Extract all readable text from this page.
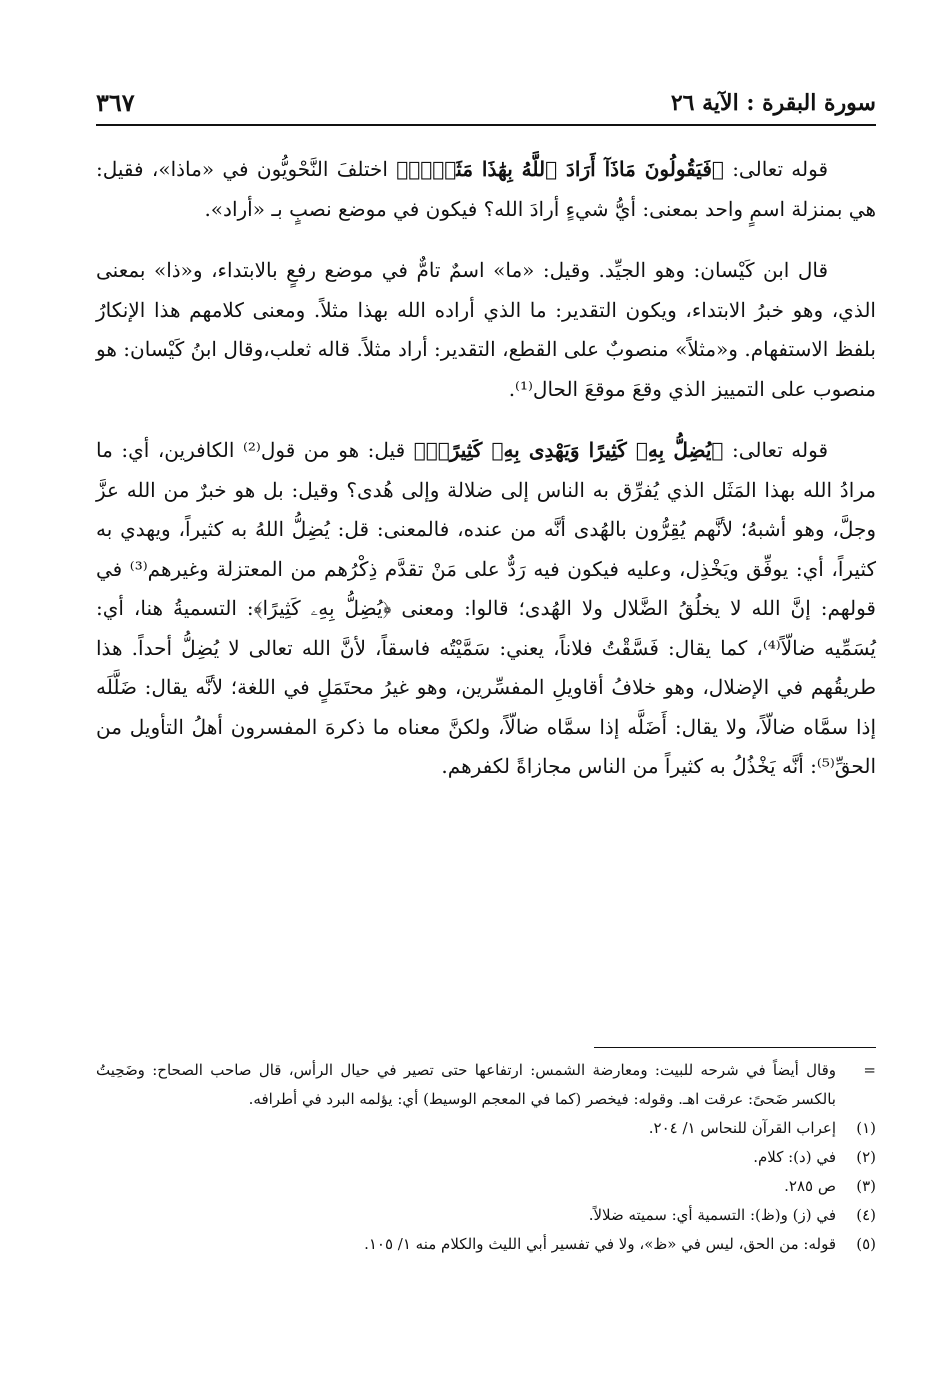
سورة البقرة : الآية ٢٦
٣٦٧

قوله تعالى: ﴿فَيَقُولُونَ مَاذَآ أَرَادَ ٱللَّهُ بِهَٰذَا مَثَلًاۘ﴾ اختلفَ النَّحْويُّون في «ماذا»، فقيل: هي بمنزلة اسمٍ واحد بمعنى: أيُّ شيءٍ أرادَ الله؟ فيكون في موضع نصبٍ بـ «أراد».

قال ابن كَيْسان: وهو الجيِّد. وقيل: «ما» اسمٌ تامٌّ في موضع رفعٍ بالابتداء، و«ذا» بمعنى الذي، وهو خبرُ الابتداء، ويكون التقدير: ما الذي أراده الله بهذا مثلاً. ومعنى كلامهم هذا الإنكارُ بلفظ الاستفهام. و«مثلاً» منصوبٌ على القطع، التقدير: أراد مثلاً. قاله ثعلب،وقال ابنُ كَيْسان: هو منصوب على التمييز الذي وقعَ موقعَ الحال⁽¹⁾.

قوله تعالى: ﴿يُضِلُّ بِهِۦ كَثِيرًا وَيَهْدِى بِهِۦ كَثِيرًاۚ﴾ قيل: هو من قول⁽²⁾ الكافرين، أي: ما مرادُ الله بهذا المَثَل الذي يُفرِّق به الناس إلى ضلالة وإلى هُدى؟ وقيل: بل هو خبرٌ من الله عزَّ وجلَّ، وهو أشبهُ؛ لأنَّهم يُقِرُّون بالهُدى أنَّه من عنده، فالمعنى: قل: يُضِلُّ اللهُ به كثيراً، ويهدي به كثيراً، أي: يوفِّق ويَخْذِل، وعليه فيكون فيه رَدٌّ على مَنْ تقدَّم ذِكْرُهم من المعتزلة وغيرهم⁽³⁾ في قولهم: إنَّ الله لا يخلُقُ الضَّلال ولا الهُدى؛ قالوا: ومعنى ﴿يُضِلُّ بِهِۦ كَثِيرًا﴾: التسميةُ هنا، أي: يُسَمِّيه ضالّاً⁽⁴⁾، كما يقال: فَسَّقْتُ فلاناً، يعني: سَمَّيْتُه فاسقاً، لأنَّ الله تعالى لا يُضِلُّ أحداً. هذا طريقُهم في الإضلال، وهو خلافُ أقاويلِ المفسِّرين، وهو غيرُ محتَمَلٍ في اللغة؛ لأنَّه يقال: ضَلَّلَه إذا سمَّاه ضالّاً، ولا يقال: أَضَلَّه إذا سمَّاه ضالّاً، ولكنَّ معناه ما ذكرهَ المفسرون أهلُ التأويل من الحقِّ⁽⁵⁾: أنَّه يَخْذُلُ به كثيراً من الناس مجازاةً لكفرهم.

=
وقال أيضاً في شرحه للبيت: ومعارضة الشمس: ارتفاعها حتى تصير في حيال الرأس، قال صاحب الصحاح: وضَحِيتُ بالكسر ضَحىً: عرقت اهـ. وقوله: فيخصر (كما في المعجم الوسيط) أي: يؤلمه البرد في أطرافه.
(١)
إعراب القرآن للنحاس ١/ ٢٠٤.
(٢)
في (د): كلام.
(٣)
ص ٢٨٥.
(٤)
في (ز) و(ظ): التسمية أي: سميته ضلالاً.
(٥)
قوله: من الحق، ليس في «ظ»، ولا في تفسير أبي الليث والكلام منه ١/ ١٠٥.
